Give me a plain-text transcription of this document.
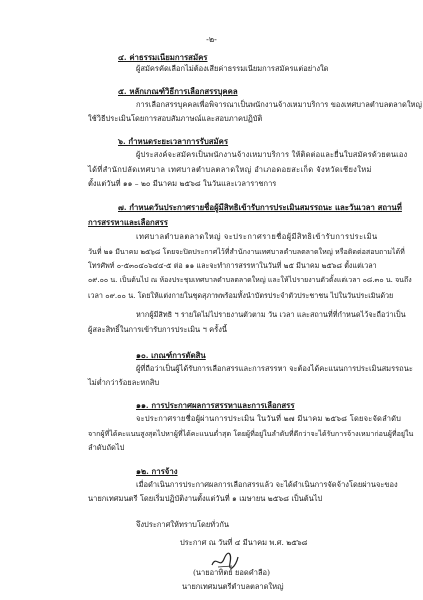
-๒-
๔. ค่าธรรมเนียมการสมัคร
ผู้สมัครคัดเลือกไม่ต้องเสียค่าธรรมเนียมการสมัครแต่อย่างใด
๕. หลักเกณฑ์วิธีการเลือกสรรบุคคล
การเลือกสรรบุคคลเพื่อพิจารณาเป็นพนักงานจ้างเหมาบริการ ของเทศบาลตำบลตลาดใหญ่
ใช้วิธีประเมินโดยการสอบสัมภาษณ์และสอบภาคปฏิบัติ
๖. กำหนดระยะเวลาการรับสมัคร
ผู้ประสงค์จะสมัครเป็นพนักงานจ้างเหมาบริการ ให้ติดต่อและยื่นใบสมัครด้วยตนเอง
ได้ที่สำนักปลัดเทศบาล เทศบาลตำบลตลาดใหญ่ อำเภอดอยสะเก็ด จังหวัดเชียงใหม่
ตั้งแต่วันที่ ๑๑ – ๒๐ มีนาคม ๒๕๖๘ ในวันและเวลาราชการ
๗. กำหนดวันประกาศรายชื่อผู้มีสิทธิเข้ารับการประเมินสมรรถนะ และวันเวลา สถานที่
การสรรหาและเลือกสรร
เทศบาลตำบลตลาดใหญ่ จะประกาศรายชื่อผู้มีสิทธิเข้ารับการประเมิน
วันที่ ๒๑ มีนาคม ๒๕๖๘ โดยจะปิดประกาศไว้ที่สำนักงานเทศบาลตำบลตลาดใหญ่ หรือติดต่อสอบถามได้ที่
โทรศัพท์ ๐-๕๓๐๔๐๖๔๔-๕ ต่อ ๑๑ และจะทำการสรรหาในวันที่ ๒๕ มีนาคม ๒๕๖๘ ตั้งแต่เวลา
๐๙.๐๐ น. เป็นต้นไป ณ ห้องประชุมเทศบาลตำบลตลาดใหญ่ และให้ไปรายงานตัวตั้งแต่เวลา ๐๘.๓๐ น. จนถึง
เวลา ๐๙.๐๐ น. โดยให้แต่งกายในชุดสุภาพพร้อมทั้งนำบัตรประจำตัวประชาชน ไปในวันประเมินด้วย
หากผู้มีสิทธิ ฯ รายใดไม่ไปรายงานตัวตาม วัน เวลา และสถานที่ที่กำหนดไว้จะถือว่าเป็น
ผู้สละสิทธิ์ในการเข้ารับการประเมิน ฯ ครั้งนี้
๑๐. เกณฑ์การตัดสิน
ผู้ที่ถือว่าเป็นผู้ได้รับการเลือกสรรและการสรรหา จะต้องได้คะแนนการประเมินสมรรถนะ
ไม่ต่ำกว่าร้อยละหกสิบ
๑๑. การประกาศผลการสรรหาและการเลือกสรร
จะประกาศรายชื่อผู้ผ่านการประเมิน ในวันที่ ๒๗ มีนาคม ๒๕๖๘ โดยจะจัดลำดับ
จากผู้ที่ได้คะแนนสูงสุดไปหาผู้ที่ได้คะแนนต่ำสุด โดยผู้ที่อยู่ในลำดับที่ดีกว่าจะได้รับการจ้างเหมาก่อนผู้ที่อยู่ใน
ลำดับถัดไป
๑๒. การจ้าง
เมื่อดำเนินการประกาศผลการเลือกสรรแล้ว จะได้ดำเนินการจัดจ้างโดยผ่านจะของ
นายกเทศมนตรี โดยเริ่มปฏิบัติงานตั้งแต่วันที่ ๑ เมษายน ๒๕๖๘ เป็นต้นไป
จึงประกาศให้ทราบโดยทั่วกัน
ประกาศ ณ วันที่ ๔ มีนาคม พ.ศ. ๒๕๖๘
(นายอาทิตย์ ยอดคำลือ)
นายกเทศมนตรีตำบลตลาดใหญ่
